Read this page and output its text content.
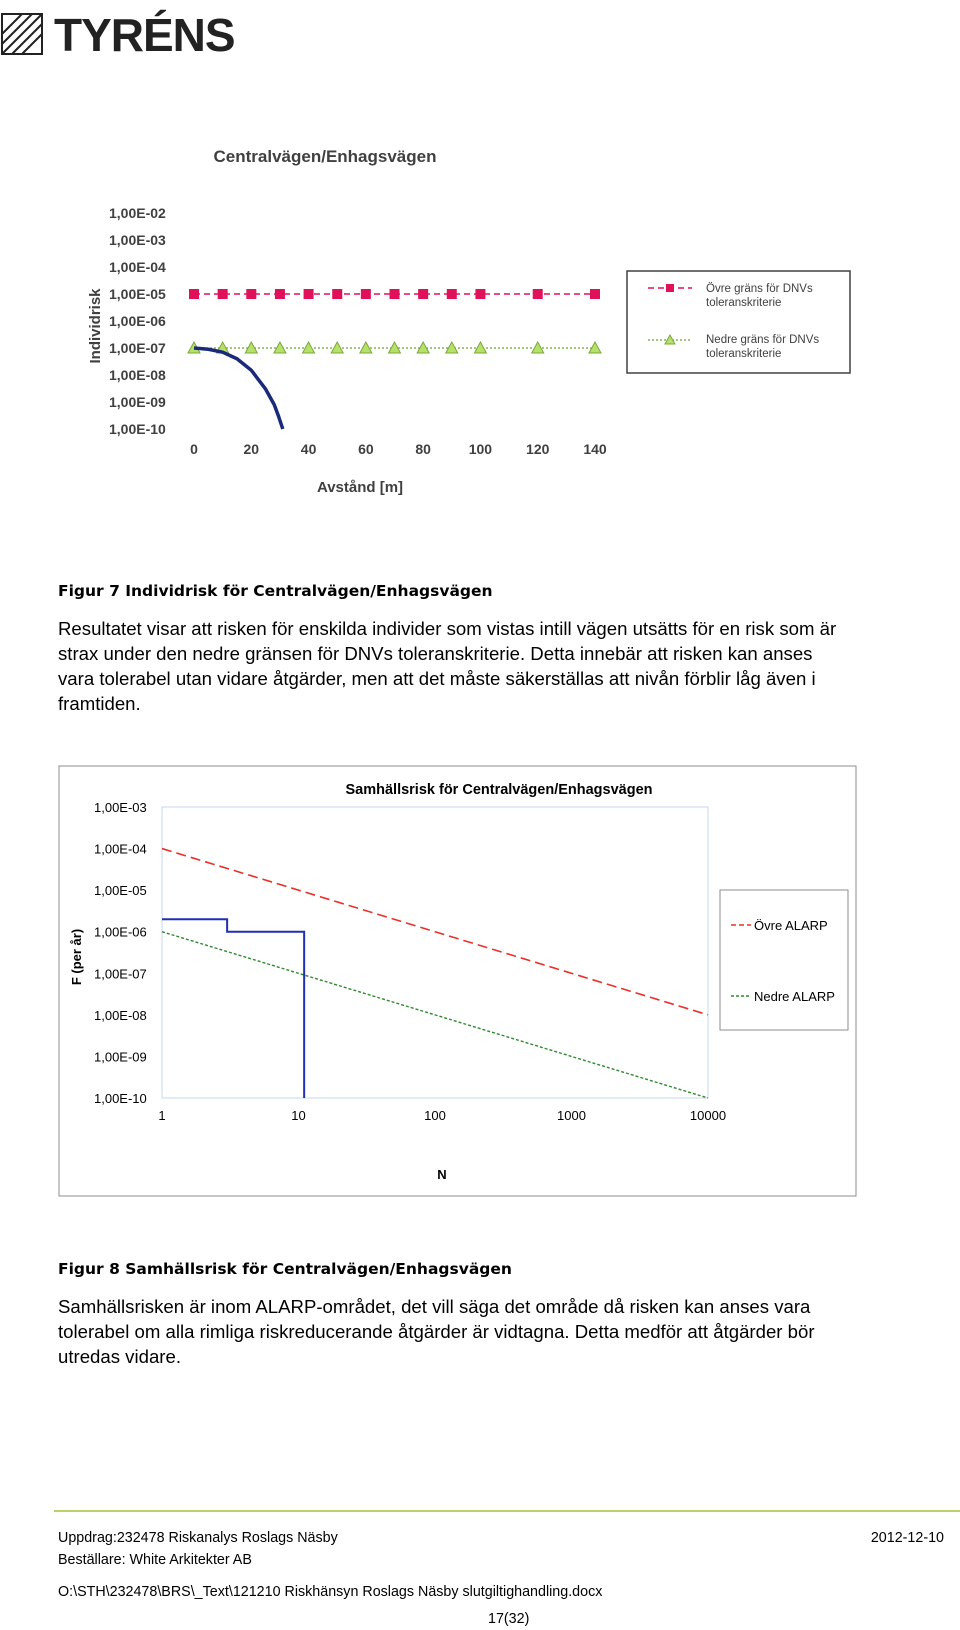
TYRÉNS
Centralvägen/Enhagsvägen
Avstånd [m]
Individrisk
1,00E-10
1,00E-09
1,00E-08
1,00E-07
1,00E-06
1,00E-05
1,00E-04
1,00E-03
1,00E-02
0	20	40	60	80	100 120 140
Övre gräns för DNVs toleranskriterie
Nedre gräns för DNVs toleranskriterie
Figur 7 Individrisk för Centralvägen/Enhagsvägen
Resultatet visar att risken för enskilda individer som vistas intill vägen utsätts för en risk som är
strax under den nedre gränsen för DNVs toleranskriterie. Detta innebär att risken kan anses
vara tolerabel utan vidare åtgärder, men att det måste säkerställas att nivån förblir låg även i
framtiden.
Samhällsrisk för Centralvägen/Enhagsvägen
N
F (per år)
1,00E-10
1,00E-09
1,00E-08
1,00E-07
1,00E-06
1,00E-05
1,00E-04
1,00E-03
1	10	100	1000	10000
Övre ALARP
Nedre ALARP
Figur 8 Samhällsrisk för Centralvägen/Enhagsvägen
Samhällsrisken är inom ALARP-området, det vill säga det område då risken kan anses vara
tolerabel om alla rimliga riskreducerande åtgärder är vidtagna. Detta medför att åtgärder bör
utredas vidare.
Uppdrag:232478 Riskanalys Roslags Näsby	2012-12-10
Beställare: White Arkitekter AB
O:\STH\232478\BRS\_Text\121210 Riskhänsyn Roslags Näsby slutgiltighandling.docx
17(32)
